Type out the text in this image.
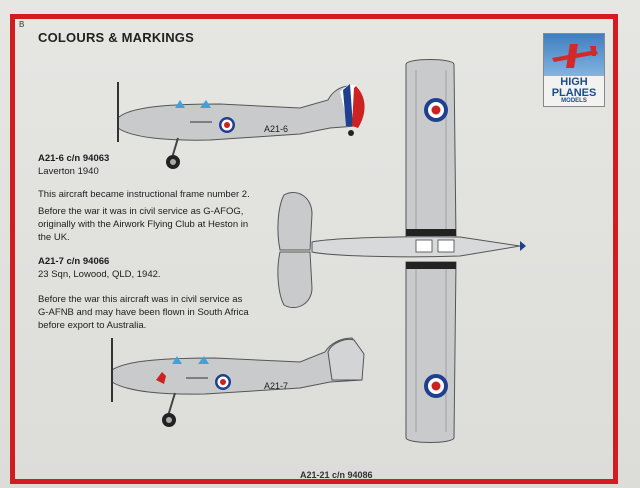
B
COLOURS & MARKINGS
HIGH
PLANES
MODELS
A21-6 c/n 94063
Laverton 1940
This aircraft became instructional frame number 2.
Before the war it was in civil service as G-AFOG,
originally with the Airwork Flying Club at Heston in
the UK.
A21-7 c/n 94066
23 Sqn, Lowood, QLD, 1942.
Before the war this aircraft was in civil service as
G-AFNB and may have been flown in South Africa
before export to Australia.
A21-6
A21-7
A21-21 c/n 94086
